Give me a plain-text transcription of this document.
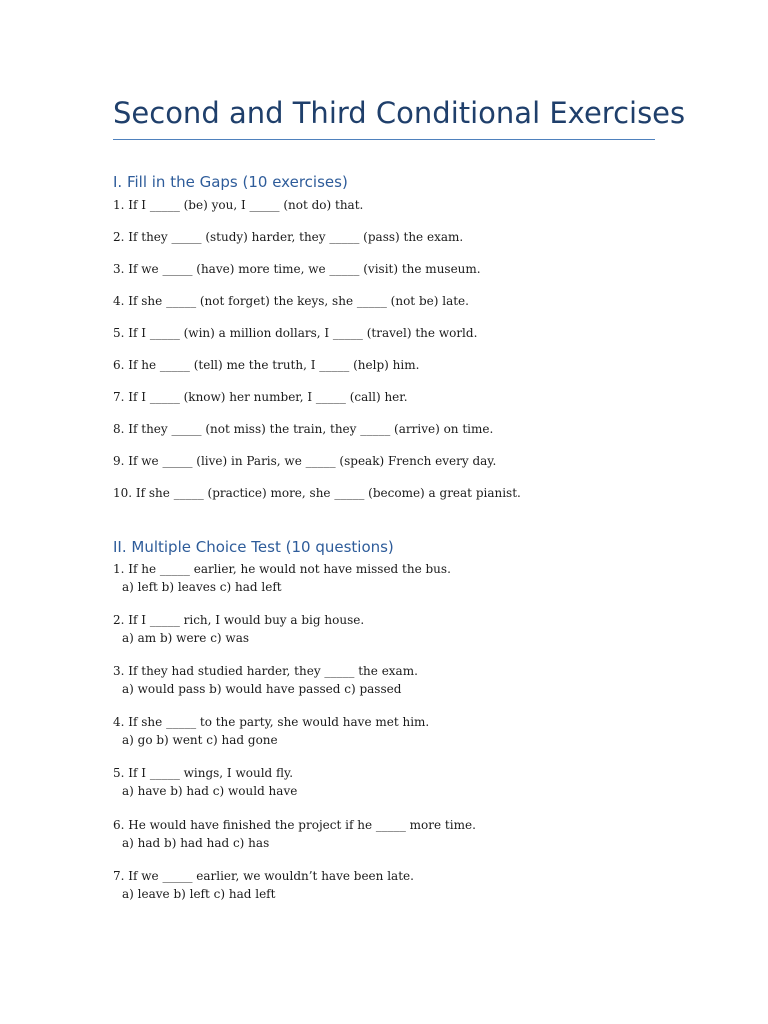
Second and Third Conditional Exercises
I. Fill in the Gaps (10 exercises)
1. If I _____ (be) you, I _____ (not do) that.
2. If they _____ (study) harder, they _____ (pass) the exam.
3. If we _____ (have) more time, we _____ (visit) the museum.
4. If she _____ (not forget) the keys, she _____ (not be) late.
5. If I _____ (win) a million dollars, I _____ (travel) the world.
6. If he _____ (tell) me the truth, I _____ (help) him.
7. If I _____ (know) her number, I _____ (call) her.
8. If they _____ (not miss) the train, they _____ (arrive) on time.
9. If we _____ (live) in Paris, we _____ (speak) French every day.
10. If she _____ (practice) more, she _____ (become) a great pianist.
II. Multiple Choice Test (10 questions)
1. If he _____ earlier, he would not have missed the bus.
a) left b) leaves c) had left
2. If I _____ rich, I would buy a big house.
a) am b) were c) was
3. If they had studied harder, they _____ the exam.
a) would pass b) would have passed c) passed
4. If she _____ to the party, she would have met him.
a) go b) went c) had gone
5. If I _____ wings, I would fly.
a) have b) had c) would have
6. He would have finished the project if he _____ more time.
a) had b) had had c) has
7. If we _____ earlier, we wouldn’t have been late.
a) leave b) left c) had left
